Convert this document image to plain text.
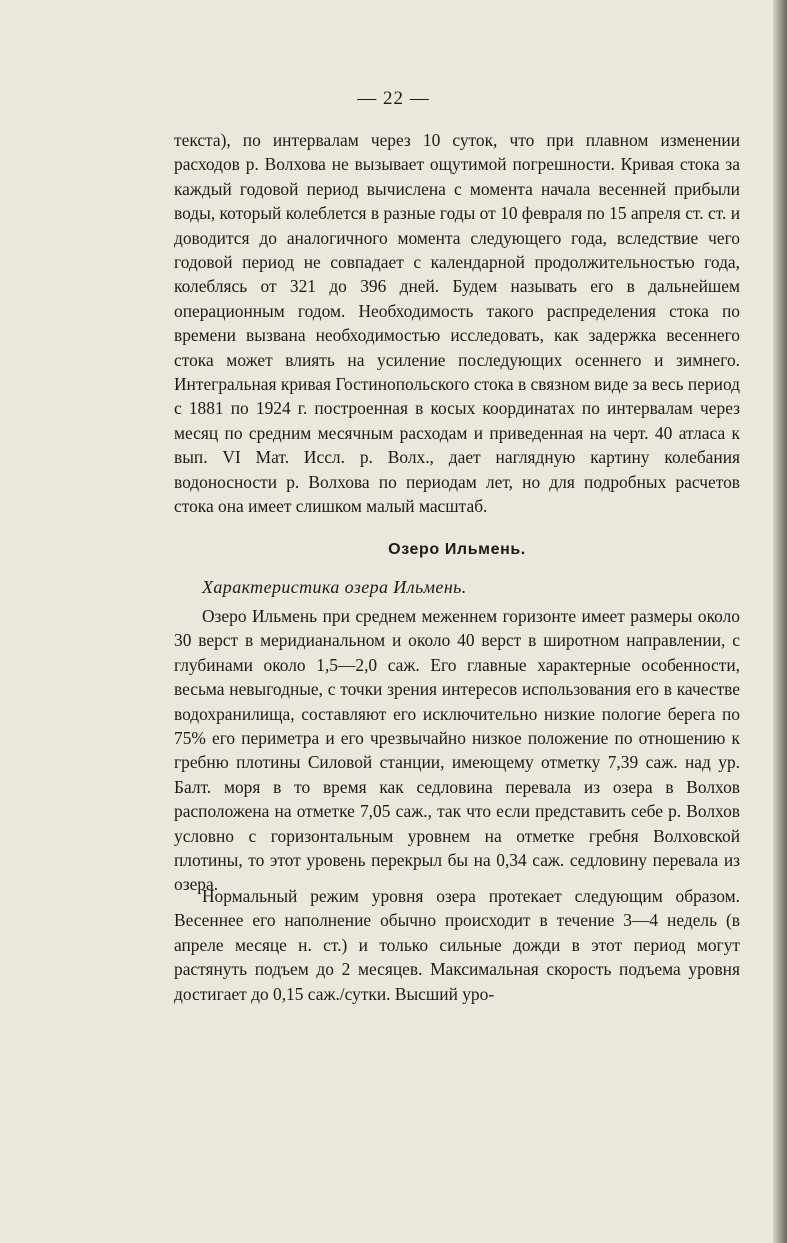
— 22 —

текста), по интервалам через 10 суток, что при плавном изменении расходов р. Волхова не вызывает ощутимой погрешности. Кривая стока за каждый годовой период вычислена с момента начала весенней прибыли воды, который колеблется в разные годы от 10 февраля по 15 апреля ст. ст. и доводится до аналогичного момента следующего года, вследствие чего годовой период не совпадает с календарной продолжительностью года, колеблясь от 321 до 396 дней. Будем называть его в дальнейшем операционным годом. Необходимость такого распределения стока по времени вызвана необходимостью исследовать, как задержка весеннего стока может влиять на усиление последующих осеннего и зимнего. Интегральная кривая Гостинопольского стока в связном виде за весь период с 1881 по 1924 г. построенная в косых координатах по интервалам через месяц по средним месячным расходам и приведенная на черт. 40 атласа к вып. VI Мат. Иссл. р. Волх., дает наглядную картину колебания водоносности р. Волхова по периодам лет, но для подробных расчетов стока она имеет слишком малый масштаб.

Озеро Ильмень.
Характеристика озера Ильмень.

Озеро Ильмень при среднем меженнем горизонте имеет размеры около 30 верст в меридианальном и около 40 верст в широтном направлении, с глубинами около 1,5—2,0 саж. Его главные характерные особенности, весьма невыгодные, с точки зрения интересов использования его в качестве водохранилища, составляют его исключительно низкие пологие берега по 75% его периметра и его чрезвычайно низкое положение по отношению к гребню плотины Силовой станции, имеющему отметку 7,39 саж. над ур. Балт. моря в то время как седловина перевала из озера в Волхов расположена на отметке 7,05 саж., так что если представить себе р. Волхов условно с горизонтальным уровнем на отметке гребня Волховской плотины, то этот уровень перекрыл бы на 0,34 саж. седловину перевала из озера.

Нормальный режим уровня озера протекает следующим образом. Весеннее его наполнение обычно происходит в течение 3—4 недель (в апреле месяце н. ст.) и только сильные дожди в этот период могут растянуть подъем до 2 месяцев. Максимальная скорость подъема уровня достигает до 0,15 саж./сутки. Высший уро-
